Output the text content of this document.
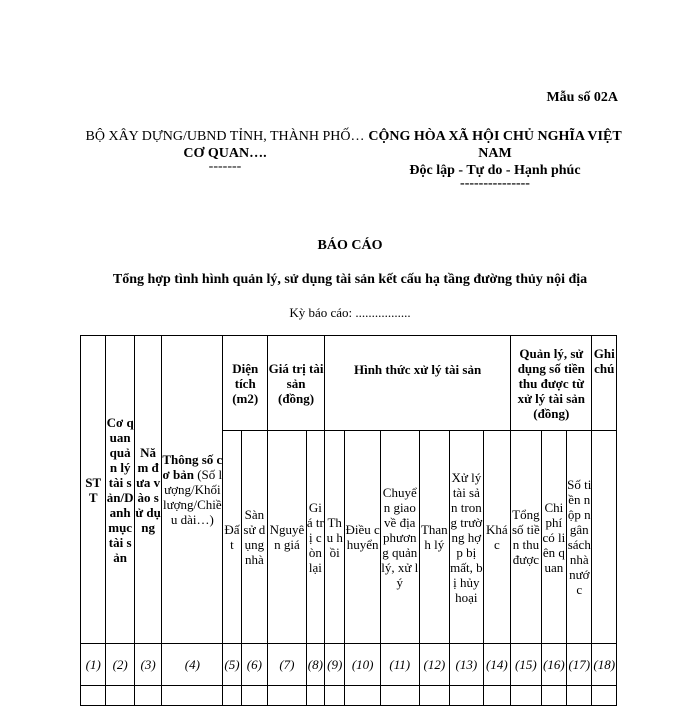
Mẫu số 02A
BỘ XÂY DỰNG/UBND TỈNH, THÀNH PHỐ…
CƠ QUAN….
-------
CỘNG HÒA XÃ HỘI CHỦ NGHĨA VIỆT NAM
Độc lập - Tự do - Hạnh phúc
---------------
BÁO CÁO
Tổng hợp tình hình quản lý, sử dụng tài sản kết cấu hạ tầng đường thủy nội địa
Kỳ báo cáo: .................
STT	Cơ quan quản lý tài sản/Danh mục tài sản	Năm đưa vào sử dụng	Thông số cơ bản (Số lượng/Khối lượng/Chiều dài…)	Diện tích (m2)		Giá trị tài sản (đồng)		Hình thức xử lý tài sản						Quản lý, sử dụng số tiền thu được từ xử lý tài sản (đồng)			Ghi chú
				Đất	Sàn sử dụng nhà	Nguyên giá	Giá trị còn lại	Thu hồi	Điều chuyển	Chuyển giao về địa phương quản lý, xử lý	Thanh lý	Xử lý tài sản trong trường hợp bị mất, bị hủy hoại	Khác	Tổng số tiền thu được	Chi phí có liên quan	Số tiền nộp ngân sách nhà nước	
(1)	(2)	(3)	(4)	(5)	(6)	(7)	(8)	(9)	(10)	(11)	(12)	(13)	(14)	(15)	(16)	(17)	(18)
